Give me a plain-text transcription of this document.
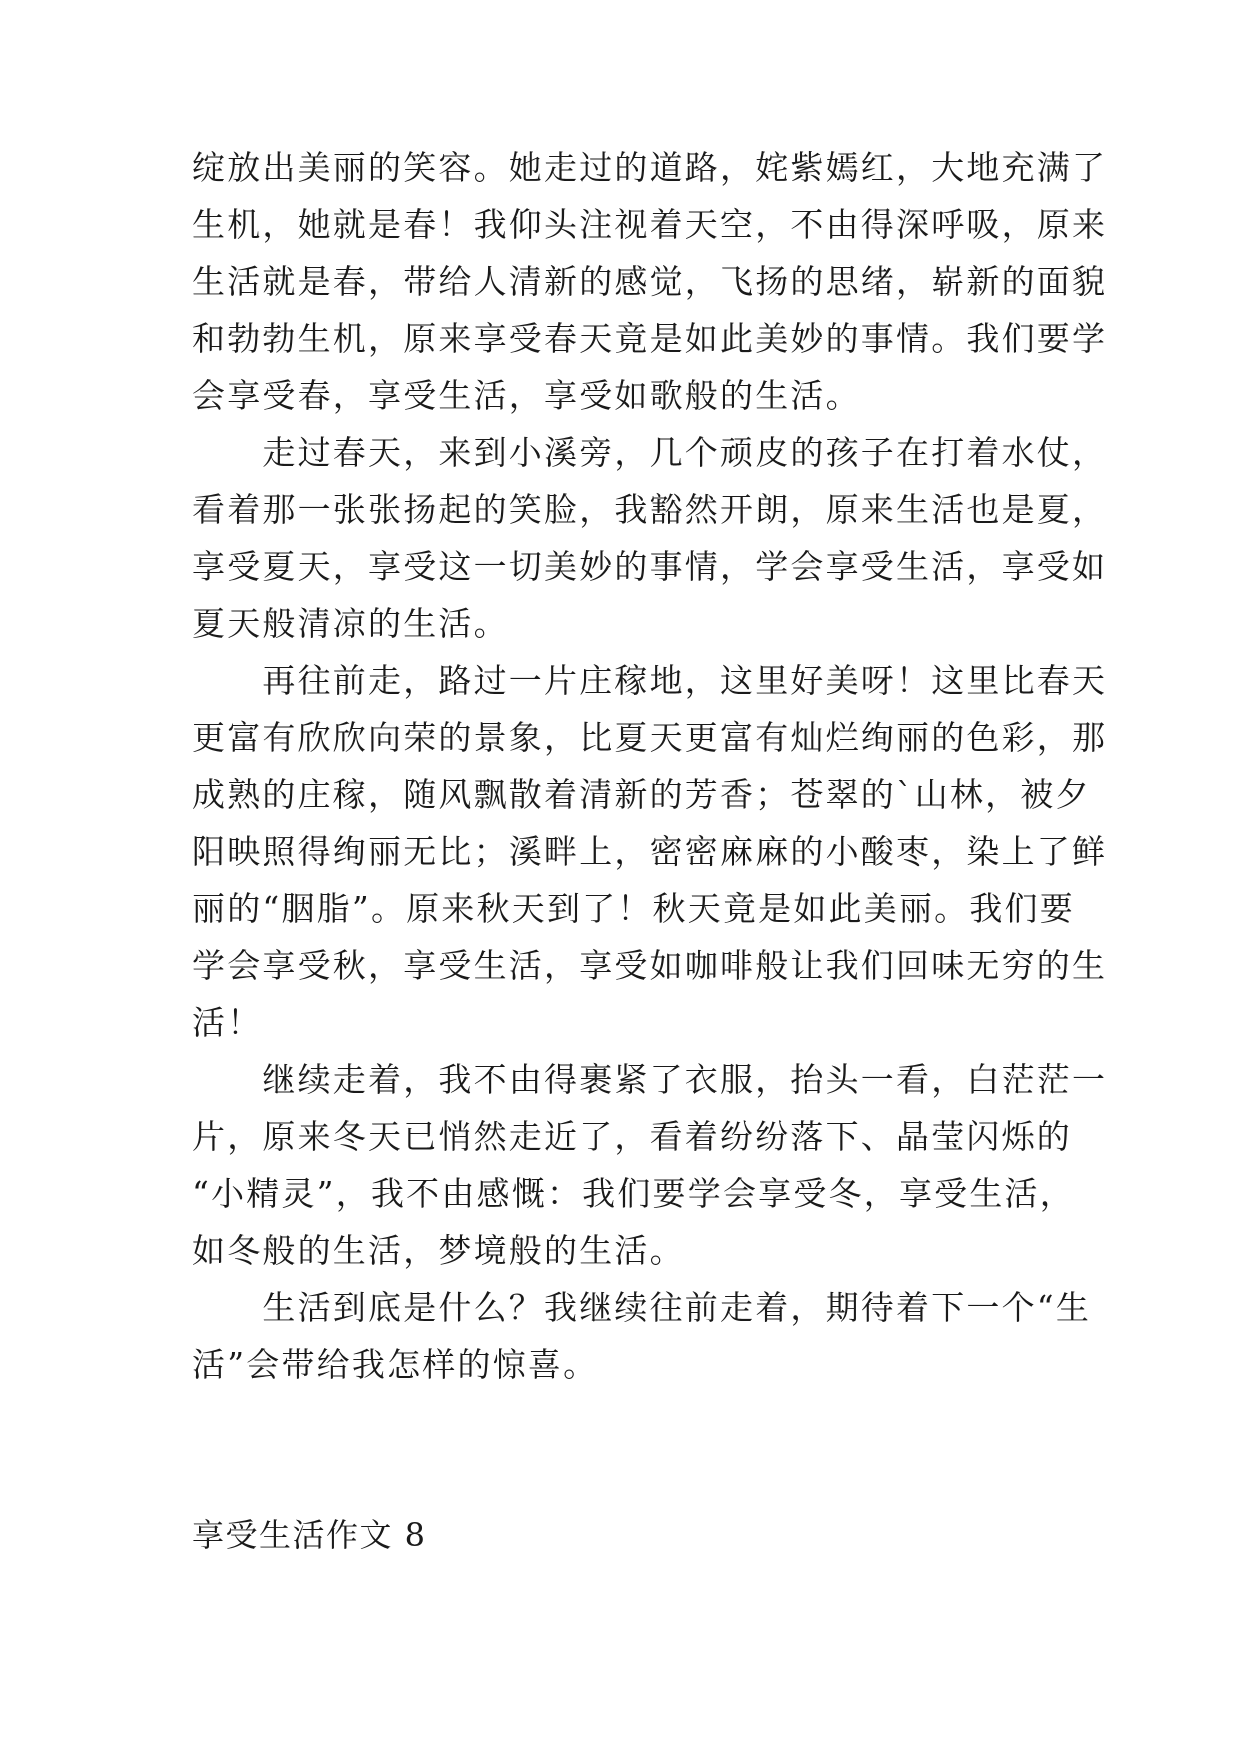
绽放出美丽的笑容。她走过的道路，姹紫嫣红，大地充满了
生机，她就是春！我仰头注视着天空，不由得深呼吸，原来
生活就是春，带给人清新的感觉，飞扬的思绪，崭新的面貌
和勃勃生机，原来享受春天竟是如此美妙的事情。我们要学
会享受春，享受生活，享受如歌般的生活。
　　走过春天，来到小溪旁，几个顽皮的孩子在打着水仗，
看着那一张张扬起的笑脸，我豁然开朗，原来生活也是夏，
享受夏天，享受这一切美妙的事情，学会享受生活，享受如
夏天般清凉的生活。
　　再往前走，路过一片庄稼地，这里好美呀！这里比春天
更富有欣欣向荣的景象，比夏天更富有灿烂绚丽的色彩，那
成熟的庄稼，随风飘散着清新的芳香；苍翠的`山林，被夕
阳映照得绚丽无比；溪畔上，密密麻麻的小酸枣，染上了鲜
丽的“胭脂”。原来秋天到了！秋天竟是如此美丽。我们要
学会享受秋，享受生活，享受如咖啡般让我们回味无穷的生
活！
　　继续走着，我不由得裹紧了衣服，抬头一看，白茫茫一
片，原来冬天已悄然走近了，看着纷纷落下、晶莹闪烁的
“小精灵”，我不由感慨：我们要学会享受冬，享受生活，
如冬般的生活，梦境般的生活。
　　生活到底是什么？我继续往前走着，期待着下一个“生
活”会带给我怎样的惊喜。
享受生活作文 8
